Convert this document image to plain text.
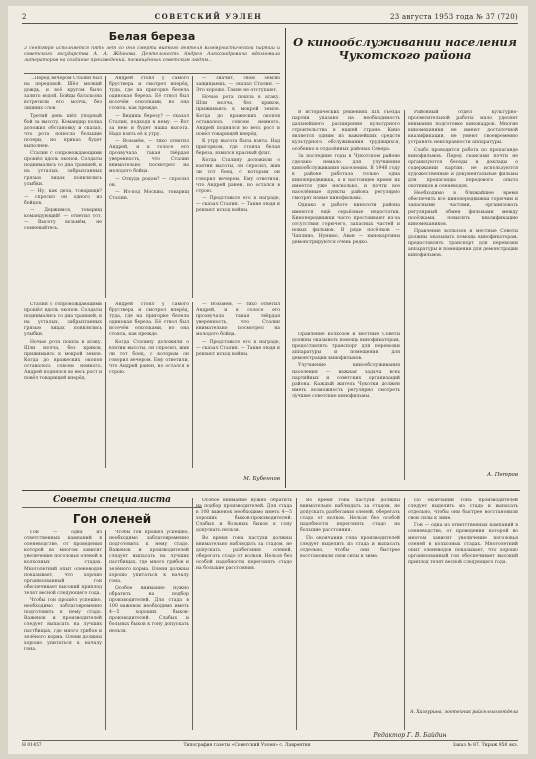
2	СОВЕТСКИЙ УЭЛЕН	23 августа 1953 года № 37 (720)
Белая береза
3 сентября исполняется пять лет со дня смерти видного деятеля Коммунистической партии и советского государства А. А. Жданова. Деятельность Андрея Александровича вдохновила литераторов на создание произведений, посвящённых советским людям...

...Перед вечером Сталин был на передовой. Шёл мелкий дождь, и всё кругом было залито водой. Бойцы батальона встретили его молча, без лишних слов.

Третий день шёл упорный бой за высоту. Командир полка доложил обстановку и сказал, что рота понесла большие потери, но приказ будет выполнен.

Сталин с сопровождающими прошёл вдоль окопов. Солдаты поднимались со дна траншей, и на усталых, забрызганных грязью лицах появлялись улыбки.

— Ну, как дела, товарищи? — спросил он одного из бойцов.

— Держимся, товарищ командующий! — ответил тот. — Высоту возьмём, не сомневайтесь.

Андрей стоял у самого бруствера и смотрел вперёд, туда, где на пригорке белела одинокая береза. Её ствол был иссечён осколками, но она стояла, как прежде.

— Видишь березу? — сказал Сталин, подходя к нему. — Вот за нею и будет наша высота. Надо взять её к утру.

— Возьмём, — тихо ответил Андрей, и в голосе его прозвучала такая твёрдая уверенность, что Сталин внимательно посмотрел на молодого бойца.

— Откуда родом? — спросил он.

— Из-под Москвы, товарищ Сталин.

— Значит, свою землю защищаешь, — сказал Сталин. — Это хорошо. Такие не отступают.

Ночью рота пошла в атаку. Шли молча, без криков, прижимаясь к мокрой земле. Когда до вражеских окопов оставалось совсем немного, Андрей поднялся во весь рост и повёл товарищей вперёд.

К утру высота была взята. Над пригорком, где стояла белая береза, взвился красный флаг.

Когда Сталину доложили о взятии высоты, он спросил, жив ли тот боец, с которым он говорил вечером. Ему ответили, что Андрей ранен, но остался в строю.

— Представьте его к награде, — сказал Сталин. — Такие люди и решают исход войны.

М. Бубеннов

Сталин с сопровождающими прошёл вдоль окопов. Солдаты поднимались со дна траншей, и на усталых, забрызганных грязью лицах появлялись улыбки.

Ночью рота пошла в атаку. Шли молча, без криков, прижимаясь к мокрой земле. Когда до вражеских окопов оставалось совсем немного, Андрей поднялся во весь рост и повёл товарищей вперёд.

Андрей стоял у самого бруствера и смотрел вперёд, туда, где на пригорке белела одинокая береза. Её ствол был иссечён осколками, но она стояла, как прежде.

Когда Сталину доложили о взятии высоты, он спросил, жив ли тот боец, с которым он говорил вечером. Ему ответили, что Андрей ранен, но остался в строю.

— Возьмём, — тихо ответил Андрей, и в голосе его прозвучала такая твёрдая уверенность, что Сталин внимательно посмотрел на молодого бойца.

— Представьте его к награде, — сказал Сталин. — Такие люди и решают исход войны.

О кинообслуживании населения Чукотского района

В исторических решениях XIX съезда партии указано на необходимость дальнейшего расширения культурного строительства в нашей стране. Кино является одним из важнейших средств культурного обслуживания трудящихся, особенно в отдалённых районах Севера.

За последние годы в Чукотском районе сделано немало для улучшения кинообслуживания населения. В 1948 году в районе работала только одна кинопередвижка, а в настоящее время их имеется уже несколько, и почти все населённые пункты района регулярно смотрят новые кинофильмы.

Однако в работе киносети района имеются ещё серьёзные недостатки. Кинопередвижки часто простаивают из-за отсутствия горючего, запасных частей и новых фильмов. В ряде посёлков — Чаплино, Нунямо, Аван — кинокартины демонстрируются очень редко.

Районный отдел культурно-просветительной работы мало уделяет внимания подготовке кинокадров. Многие киномеханики не имеют достаточной квалификации, не умеют своевременно устранять неисправности аппаратуры.

Слабо проводится работа по пропаганде кинофильмов. Перед сеансами почти не организуются беседы и доклады о содержании картин, не используются художественные и документальные фильмы для пропаганды передового опыта охотников и оленеводов.

Необходимо в ближайшее время обеспечить все кинопередвижки горючим и запасными частями, организовать регулярный обмен фильмами между посёлками, повысить квалификацию киномехаников.

Правление колхозов и местные Советы должны оказывать помощь кинофикаторам, предоставлять транспорт для перевозки аппаратуры и помещения для демонстрации кинофильмов.

Правление колхозов и местные Советы должны оказывать помощь кинофикаторам, предоставлять транспорт для перевозки аппаратуры и помещения для демонстрации кинофильмов.

Улучшение кинообслуживания населения — важная задача всех партийных и советских организаций района. Каждый житель Чукотки должен иметь возможность регулярно смотреть лучшие советские кинофильмы.

А. Петров
Советы специалиста
Гон оленей

Гон — одна из ответственных кампаний в оленеводстве, от проведения которой во многом зависит увеличение поголовья оленей в колхозных стадах. Многолетний опыт оленеводов показывает, что хорошо организованный гон обеспечивает высокий приплод телят весной следующего года.

Чтобы гон прошёл успешно, необходимо заблаговременно подготовить к нему стадо. Важенок и производителей следует выпасать на лучших пастбищах, где много грибов и зелёного корма. Олени должны хорошо упитаться к началу гона.

Чтобы гон прошёл успешно, необходимо заблаговременно подготовить к нему стадо. Важенок и производителей следует выпасать на лучших пастбищах, где много грибов и зелёного корма. Олени должны хорошо упитаться к началу гона.

Особое внимание нужно обратить на подбор производителей. Для стада в 100 важенок необходимо иметь 4—5 хороших быков-производителей. Слабых и больных быков к гону допускать нельзя.

Особое внимание нужно обратить на подбор производителей. Для стада в 100 важенок необходимо иметь 4—5 хороших быков-производителей. Слабых и больных быков к гону допускать нельзя.

Во время гона пастухи должны внимательно наблюдать за стадом, не допускать разбегания оленей, оберегать стадо от волков. Нельзя без особой надобности перегонять стадо на большие расстояния.

Во время гона пастухи должны внимательно наблюдать за стадом, не допускать разбегания оленей, оберегать стадо от волков. Нельзя без особой надобности перегонять стадо на большие расстояния.

По окончании гона производителей следует выделить из стада и выпасать отдельно, чтобы они быстрее восстановили свои силы к зиме.

По окончании гона производителей следует выделить из стада и выпасать отдельно, чтобы они быстрее восстановили свои силы к зиме.

Гон — одна из ответственных кампаний в оленеводстве, от проведения которой во многом зависит увеличение поголовья оленей в колхозных стадах. Многолетний опыт оленеводов показывает, что хорошо организованный гон обеспечивает высокий приплод телят весной следующего года.

А. Хазгурина, зоотехник райсельхозотдела
Редактор Г. В. Байдин
Н 01457	Типография газеты «Советский Уэлен» с. Лаврентия	Заказ № 87. Тираж 950 экз.
